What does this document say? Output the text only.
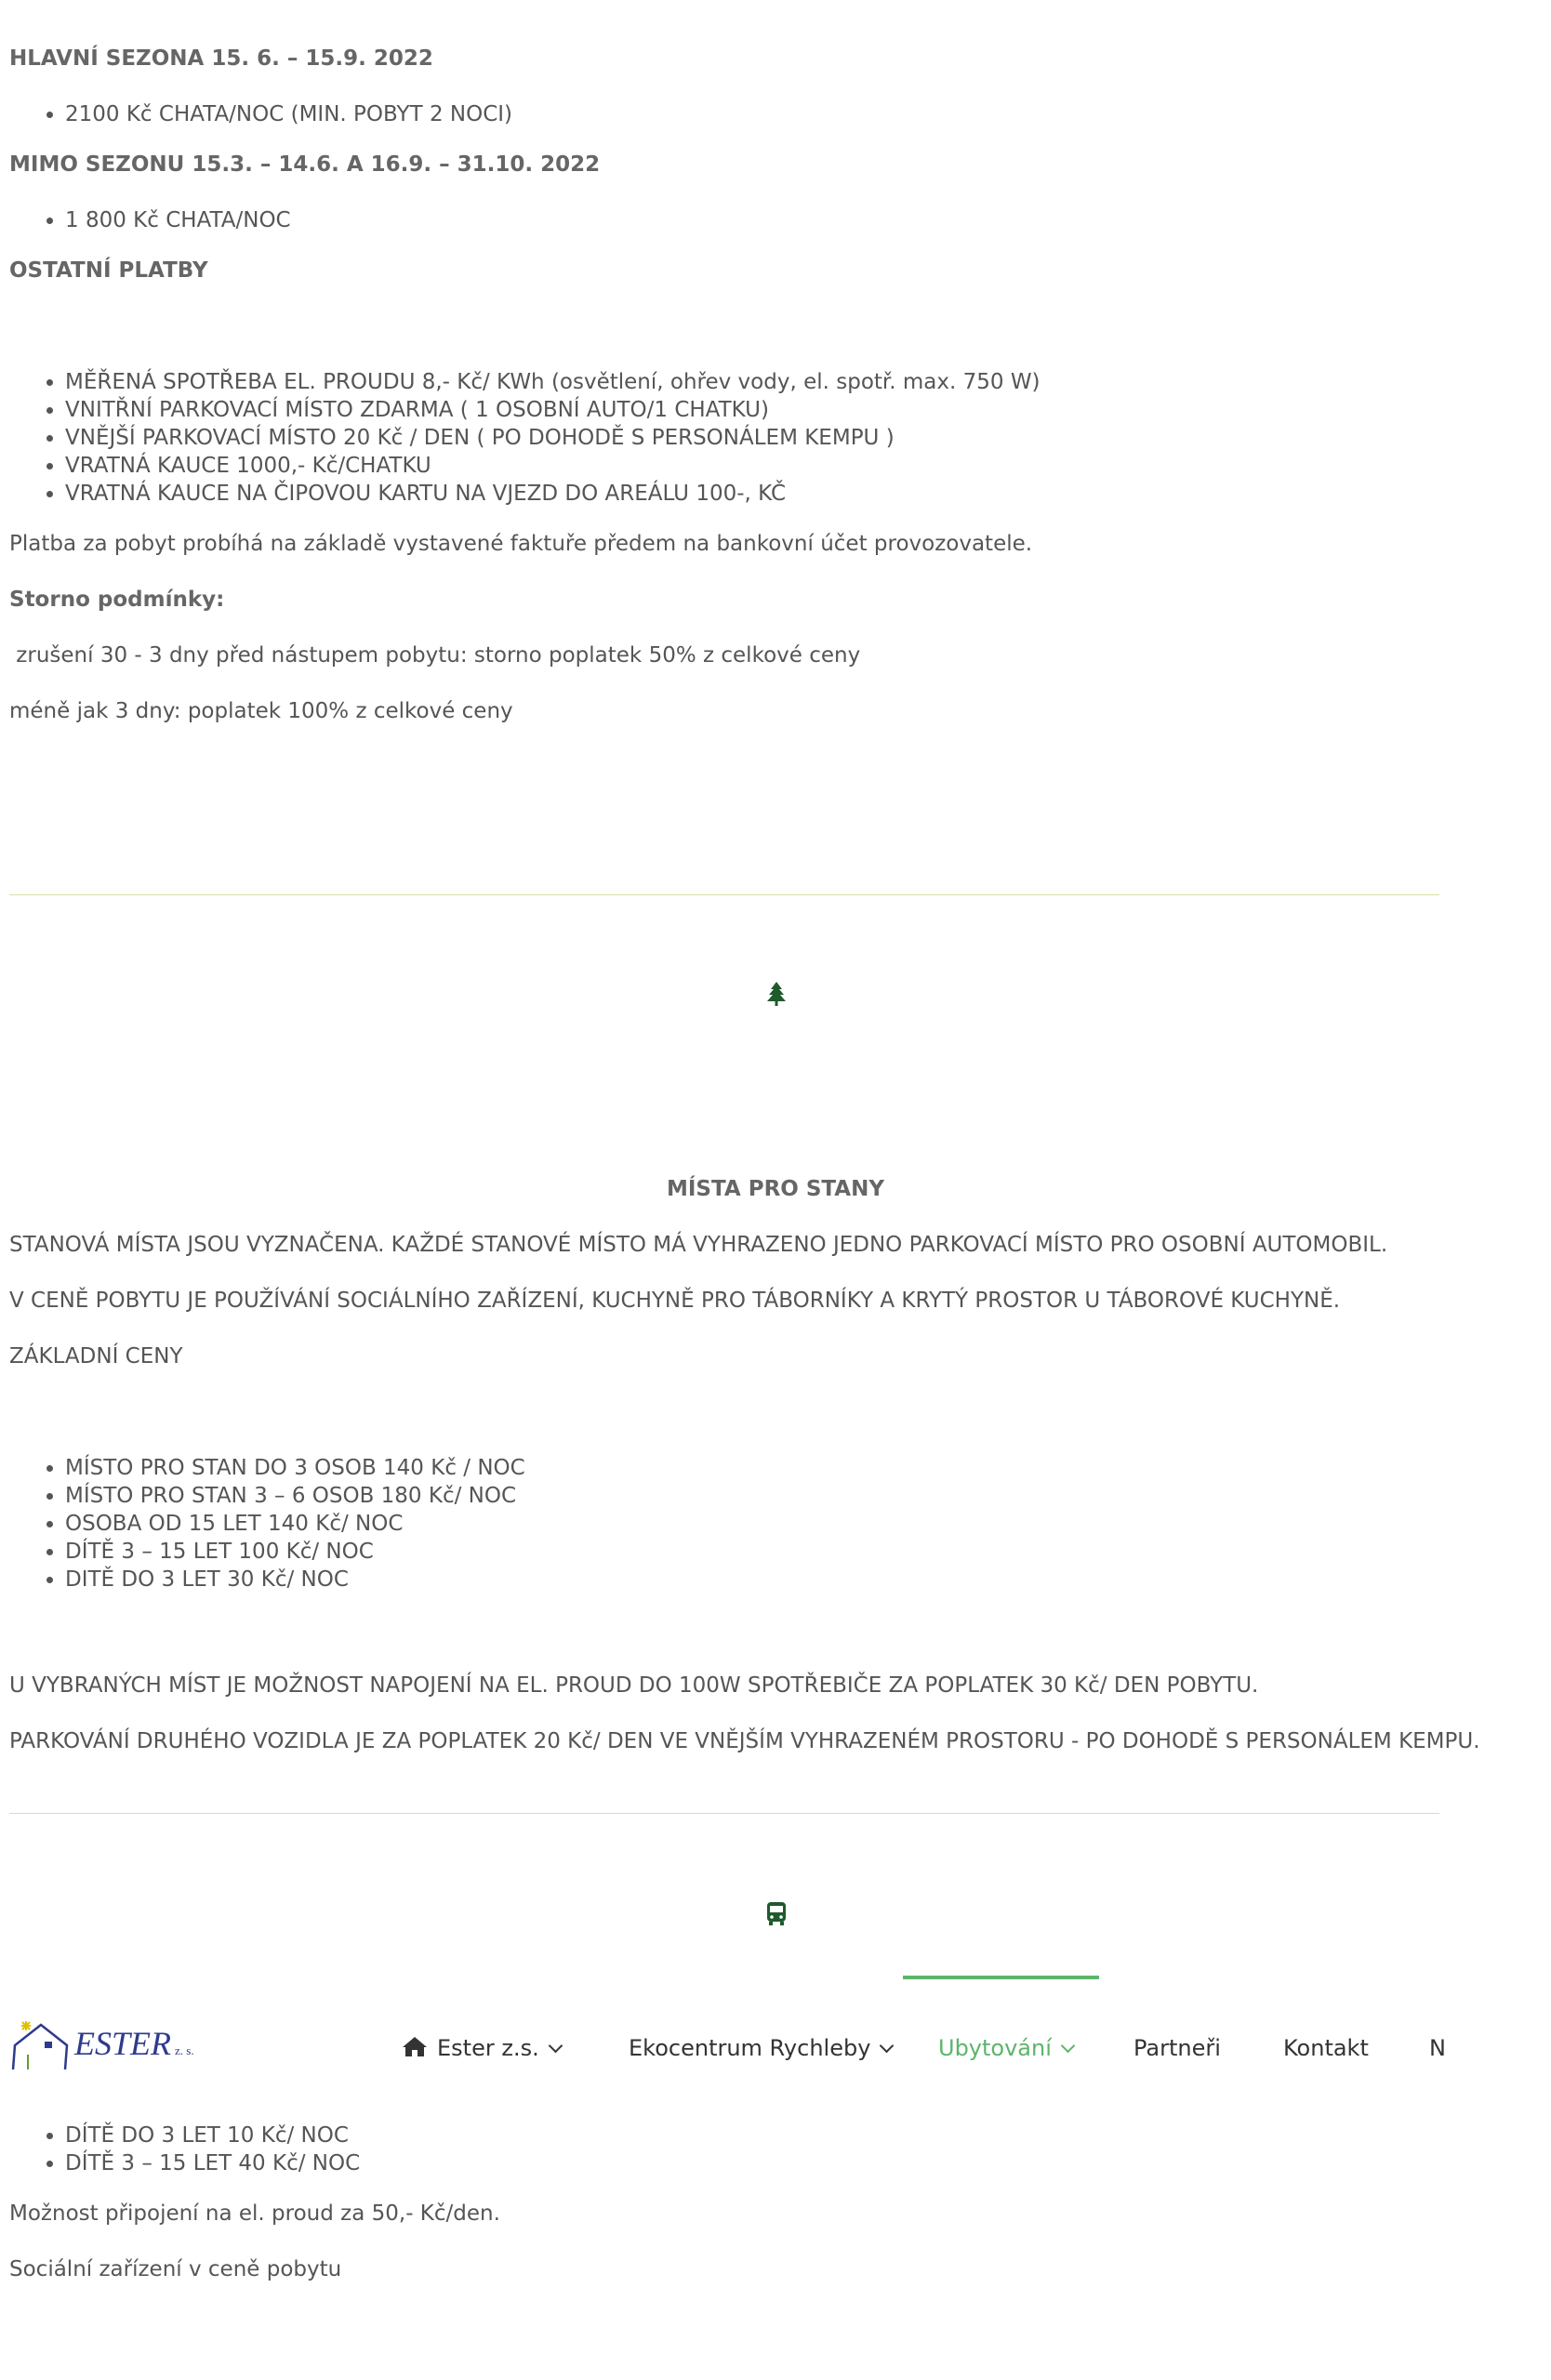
HLAVNÍ SEZONA 15. 6. – 15.9. 2022
• 2100 Kč CHATA/NOC (MIN. POBYT 2 NOCI)
MIMO SEZONU 15.3. – 14.6. A 16.9. – 31.10. 2022
• 1 800 Kč CHATA/NOC
OSTATNÍ PLATBY
• MĚŘENÁ SPOTŘEBA EL. PROUDU 8,- Kč/ KWh (osvětlení, ohřev vody, el. spotř. max. 750 W)
• VNITŘNÍ PARKOVACÍ MÍSTO ZDARMA ( 1 OSOBNÍ AUTO/1 CHATKU)
• VNĚJŠÍ PARKOVACÍ MÍSTO 20 Kč / DEN ( PO DOHODĚ S PERSONÁLEM KEMPU )
• VRATNÁ KAUCE 1000,- Kč/CHATKU
• VRATNÁ KAUCE NA ČIPOVOU KARTU NA VJEZD DO AREÁLU 100-, KČ
Platba za pobyt probíhá na základě vystavené faktuře předem na bankovní účet provozovatele.
Storno podmínky:
zrušení 30 - 3 dny před nástupem pobytu: storno poplatek 50% z celkové ceny
méně jak 3 dny: poplatek 100% z celkové ceny
MÍSTA PRO STANY
STANOVÁ MÍSTA JSOU VYZNAČENA. KAŽDÉ STANOVÉ MÍSTO MÁ VYHRAZENO JEDNO PARKOVACÍ MÍSTO PRO OSOBNÍ AUTOMOBIL.
V CENĚ POBYTU JE POUŽÍVÁNÍ SOCIÁLNÍHO ZAŘÍZENÍ, KUCHYNĚ PRO TÁBORNÍKY A KRYTÝ PROSTOR U TÁBOROVÉ KUCHYNĚ.
ZÁKLADNÍ CENY
• MÍSTO PRO STAN DO 3 OSOB 140 Kč / NOC
• MÍSTO PRO STAN 3 – 6 OSOB 180 Kč/ NOC
• OSOBA OD 15 LET 140 Kč/ NOC
• DÍTĚ 3 – 15 LET 100 Kč/ NOC
• DITĚ DO 3 LET 30 Kč/ NOC
U VYBRANÝCH MÍST JE MOŽNOST NAPOJENÍ NA EL. PROUD DO 100W SPOTŘEBIČE ZA POPLATEK 30 Kč/ DEN POBYTU.
PARKOVÁNÍ DRUHÉHO VOZIDLA JE ZA POPLATEK 20 Kč/ DEN VE VNĚJŠÍM VYHRAZENÉM PROSTORU - PO DOHODĚ S PERSONÁLEM KEMPU.
ESTER z. s.	Ester z.s.	Ekocentrum Rychleby	Ubytování	Partneři	Kontakt	N
• DÍTĚ DO 3 LET 10 Kč/ NOC
• DÍTĚ 3 – 15 LET 40 Kč/ NOC
Možnost připojení na el. proud za 50,- Kč/den.
Sociální zařízení v ceně pobytu
